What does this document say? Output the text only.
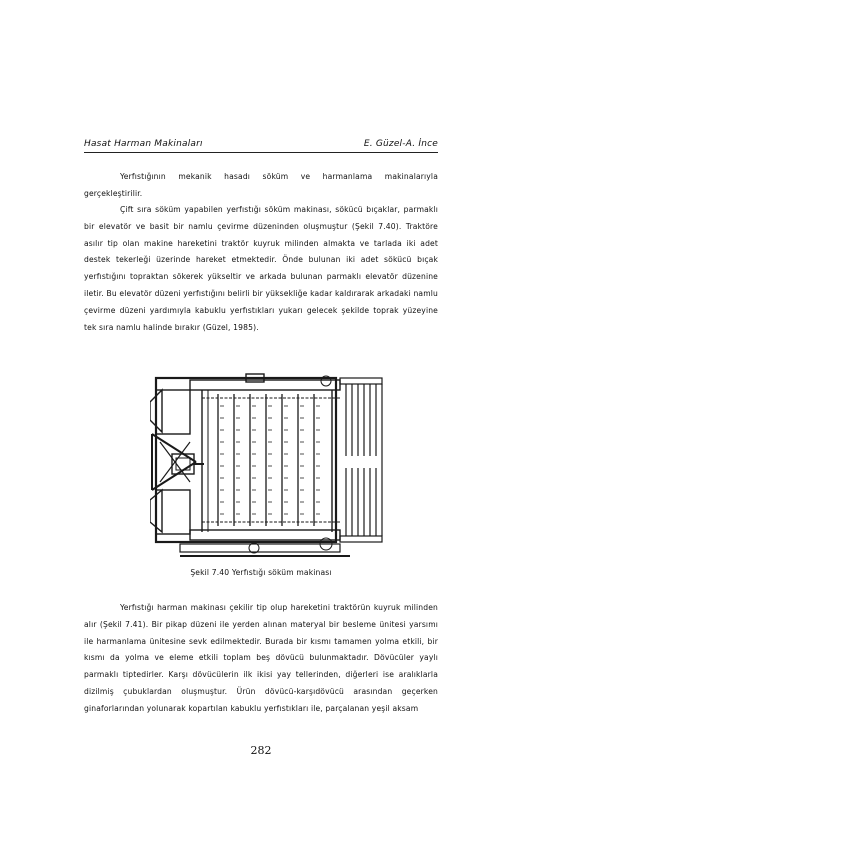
Hasat Harman Makinaları	E. Güzel-A. İnce

Yerfıstığının mekanik hasadı söküm ve harmanlama makinalarıyla gerçekleştirilir.

Çift sıra söküm yapabilen yerfıstığı söküm makinası, sökücü bıçaklar, parmaklı bir elevatör ve basit bir namlu çevirme düzeninden oluşmuştur (Şekil 7.40). Traktöre asılır tip olan makine hareketini traktör kuyruk milinden almakta ve tarlada iki adet destek tekerleği üzerinde hareket etmektedir. Önde bulunan iki adet sökücü bıçak yerfıstığını topraktan sökerek yükseltir ve arkada bulunan parmaklı elevatör düzenine iletir. Bu elevatör düzeni yerfıstığını belirli bir yüksekliğe kadar kaldırarak arkadaki namlu çevirme düzeni yardımıyla kabuklu yerfıstıkları yukarı gelecek şekilde toprak yüzeyine tek sıra namlu halinde bırakır (Güzel, 1985).

Şekil 7.40 Yerfıstığı söküm makinası

Yerfıstığı harman makinası çekilir tip olup hareketini traktörün kuyruk milinden alır (Şekil 7.41). Bir pikap düzeni ile yerden alınan materyal bir besleme ünitesi yarsımı ile harmanlama ünitesine sevk edilmektedir. Burada bir kısmı tamamen yolma etkili, bir kısmı da yolma ve eleme etkili toplam beş dövücü bulunmaktadır. Dövücüler yaylı parmaklı tiptedirler. Karşı dövücülerin ilk ikisi yay tellerinden, diğerleri ise aralıklarla dizilmiş çubuklardan oluşmuştur. Ürün dövücü-karşıdövücü arasından geçerken ginaforlarından yolunarak kopartılan kabuklu yerfıstıkları ile, parçalanan yeşil aksam

282
